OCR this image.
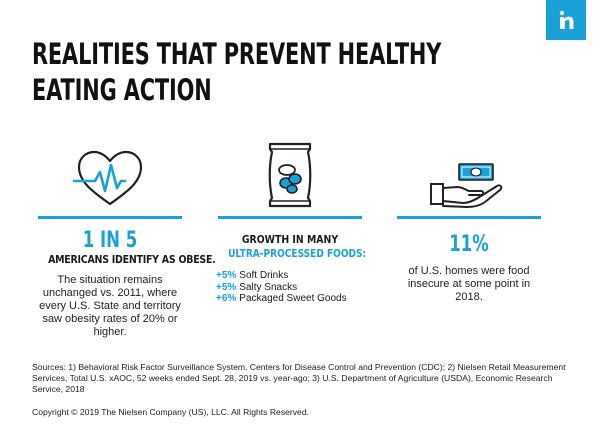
REALITIES THAT PREVENT HEALTHY
EATING ACTION
1 IN 5
AMERICANS IDENTIFY AS OBESE.
The situation remains unchanged vs. 2011, where every U.S. State and territory saw obesity rates of 20% or higher.
GROWTH IN MANY
ULTRA-PROCESSED FOODS:
+5% Soft Drinks
+5% Salty Snacks
+6% Packaged Sweet Goods
11%
of U.S. homes were food insecure at some point in 2018.
Sources: 1) Behavioral Risk Factor Surveillance System, Centers for Disease Control and Prevention (CDC); 2) Nielsen Retail Measurement Services, Total U.S. xAOC, 52 weeks ended Sept. 28, 2019 vs. year-ago; 3) U.S. Department of Agriculture (USDA), Economic Research Service, 2018
Copyright © 2019 The Nielsen Company (US), LLC. All Rights Reserved.
